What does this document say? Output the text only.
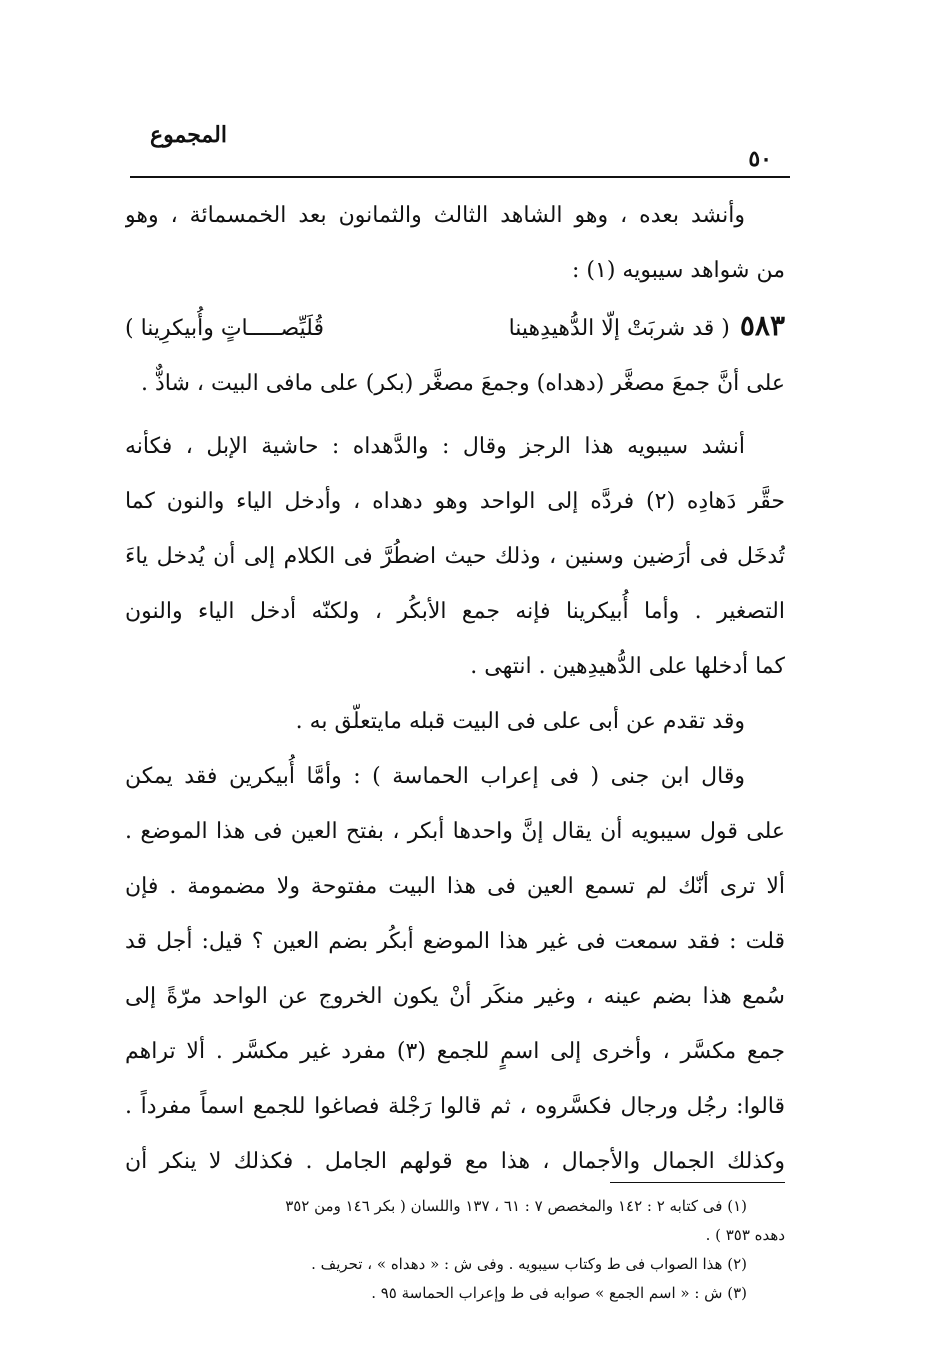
المجموع
٥٠
وأنشد بعده ، وهو الشاهد الثالث والثمانون بعد الخمسمائة ، وهو
من شواهد سيبويه (١) :
٥٨٣
( قد شربَتْ إلّا الدُّهيدِهينا
قُلَيِّصـــــاتٍ وأُبيكرِينا )
على أنَّ جمعَ مصغَّر (دهداه) وجمعَ مصغَّر (بكر) على مافى البيت ، شاذٌّ .
أنشد سيبويه هذا الرجز وقال : والدَّهداه : حاشية الإبل ، فكأنه
حقَّر دَهادِه (٢) فردَّه إلى الواحد وهو دهداه ، وأدخل الياء والنون كما
تُدخَل فى أرَضين وسنين ، وذلك حيث اضطُرَّ فى الكلام إلى أن يُدخل ياءَ
التصغير . وأما أُبيكرينا فإنه جمع الأبكُر ، ولكنّه أدخل الياء والنون
كما أدخلها على الدُّهيدِهين . انتهى .
وقد تقدم عن أبى على فى البيت قبله مايتعلّق به .
وقال ابن جنى ( فى إعراب الحماسة ) : وأمَّا أُبيكرين فقد يمكن
على قول سيبويه أن يقال إنَّ واحدها أبكر ، بفتح العين فى هذا الموضع .
ألا ترى أنّك لم تسمع العين فى هذا البيت مفتوحة ولا مضمومة . فإن
قلت : فقد سمعت فى غير هذا الموضع أبكُر بضم العين ؟ قيل: أجل قد
سُمع هذا بضم عينه ، وغير منكَر أنْ يكون الخروج عن الواحد مرّةً إلى
جمع مكسَّر ، وأخرى إلى اسمٍ للجمع (٣) مفرد غير مكسَّر . ألا تراهم
قالوا: رجُل ورجال فكسَّروه ، ثم قالوا رَجْلة فصاغوا للجمع اسماً مفرداً .
وكذلك الجمال والأجمال ، هذا مع قولهم الجامل . فكذلك لا ينكر أن
(١) فى كتابه ٢ : ١٤٢ والمخصص ٧ : ٦١ ، ١٣٧ واللسان ( بكر ١٤٦ ومن ٣٥٢
دهده ٣٥٣ ) .
(٢) هذا الصواب فى ط وكتاب سيبويه . وفى ش : « دهداه » ، تحريف .
(٣) ش : « اسم الجمع » صوابه فى ط وإعراب الحماسة ٩٥ .
